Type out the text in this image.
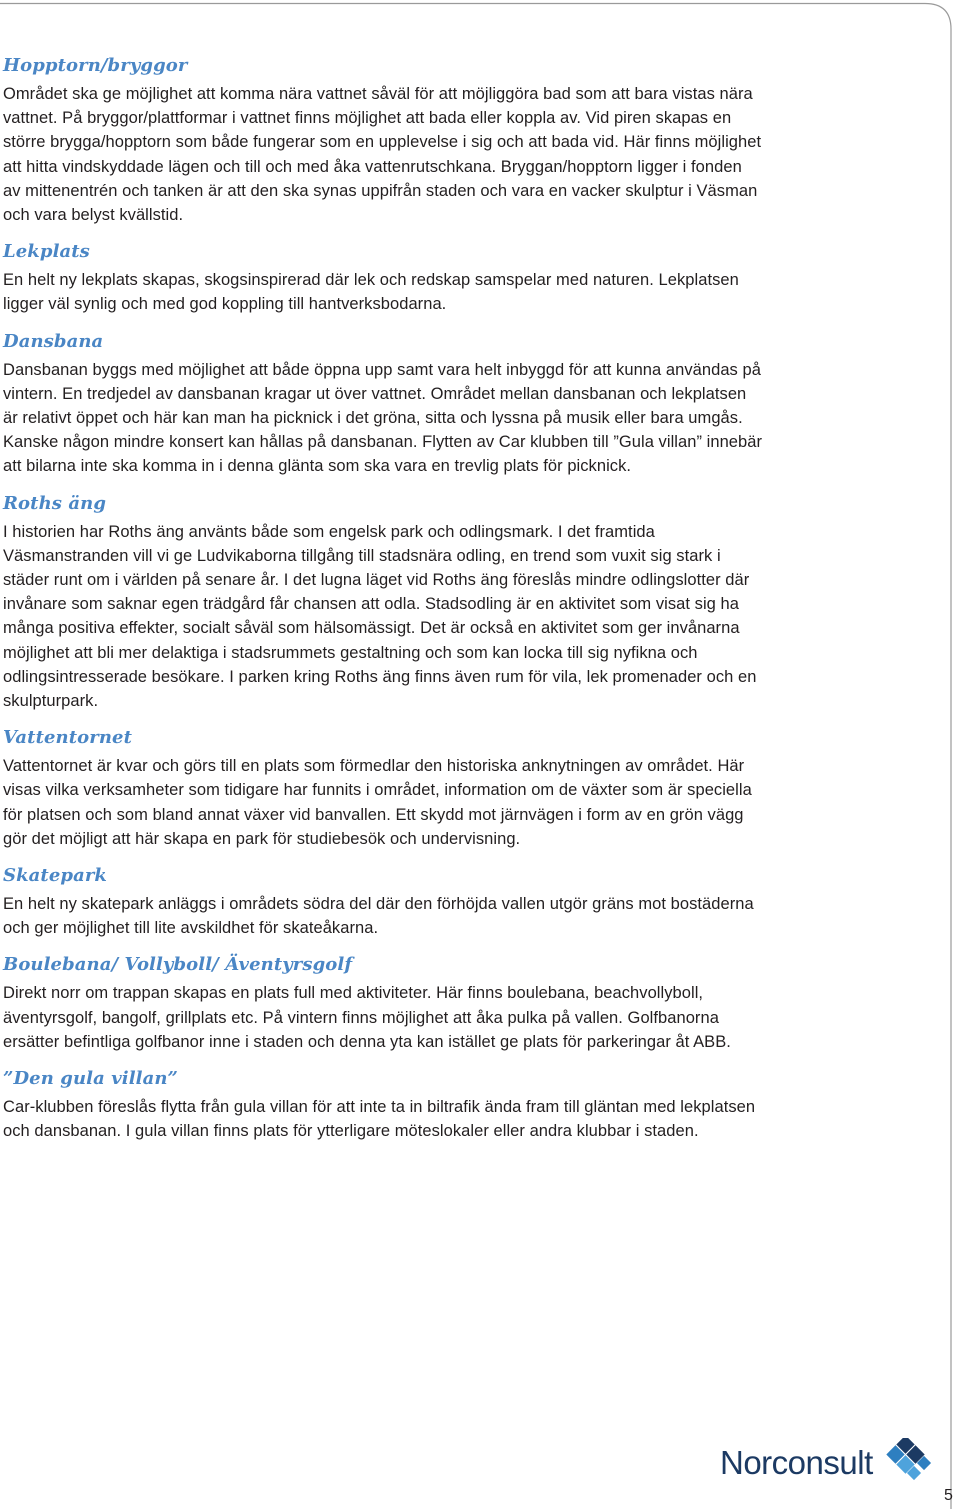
Hopptorn/bryggor

Området ska ge möjlighet att komma nära vattnet såväl för att möjliggöra bad som att bara vistas nära vattnet. På bryggor/plattformar i vattnet finns möjlighet att bada eller koppla av. Vid piren skapas en större brygga/hopptorn som både fungerar som en upplevelse i sig och att bada vid. Här finns möjlighet att hitta vindskyddade lägen och till och med åka vattenrutschkana. Bryggan/hopptorn ligger i fonden av mittenentrén och tanken är att den ska synas uppifrån staden och vara en vacker skulptur i Väsman och vara belyst kvällstid.

Lekplats

En helt ny lekplats skapas, skogsinspirerad där lek och redskap samspelar med naturen. Lekplatsen ligger väl synlig och med god koppling till hantverksbodarna.

Dansbana

Dansbanan byggs med möjlighet att både öppna upp samt vara helt inbyggd för att kunna användas på vintern. En tredjedel av dansbanan kragar ut över vattnet. Området mellan dansbanan och lekplatsen är relativt öppet och här kan man ha picknick i det gröna, sitta och lyssna på musik eller bara umgås. Kanske någon mindre konsert kan hållas på dansbanan. Flytten av Car klubben till ”Gula villan” innebär att bilarna inte ska komma in i denna glänta som ska vara en trevlig plats för picknick.

Roths äng

I historien har Roths äng använts både som engelsk park och odlingsmark. I det framtida Väsmanstranden vill vi ge Ludvikaborna tillgång till stadsnära odling, en trend som vuxit sig stark i städer runt om i världen på senare år. I det lugna läget vid Roths äng föreslås mindre odlingslotter där invånare som saknar egen trädgård får chansen att odla. Stadsodling är en aktivitet som visat sig ha många positiva effekter, socialt såväl som hälsomässigt. Det är också en aktivitet som ger invånarna möjlighet att bli mer delaktiga i stadsrummets gestaltning och som kan locka till sig nyfikna och odlingsintresserade besökare. I parken kring Roths äng finns även rum för vila, lek promenader och en skulpturpark.

Vattentornet

Vattentornet är kvar och görs till en plats som förmedlar den historiska anknytningen av området. Här visas vilka verksamheter som tidigare har funnits i området, information om de växter som är speciella för platsen och som bland annat växer vid banvallen. Ett skydd mot järnvägen i form av en grön vägg gör det möjligt att här skapa en park för studiebesök och undervisning.

Skatepark

En helt ny skatepark anläggs i områdets södra del där den förhöjda vallen utgör gräns mot bostäderna och ger möjlighet till lite avskildhet för skateåkarna.

Boulebana/ Vollyboll/ Äventyrsgolf

Direkt norr om trappan skapas en plats full med aktiviteter. Här finns boulebana, beachvollyboll, äventyrsgolf, bangolf, grillplats etc. På vintern finns möjlighet att åka pulka på vallen. Golfbanorna ersätter befintliga golfbanor inne i staden och denna yta kan istället ge plats för parkeringar åt ABB.

”Den gula villan”

Car-klubben föreslås flytta från gula villan för att inte ta in biltrafik ända fram till gläntan med lekplatsen och dansbanan. I gula villan finns plats för ytterligare möteslokaler eller andra klubbar i staden.

Norconsult
5
